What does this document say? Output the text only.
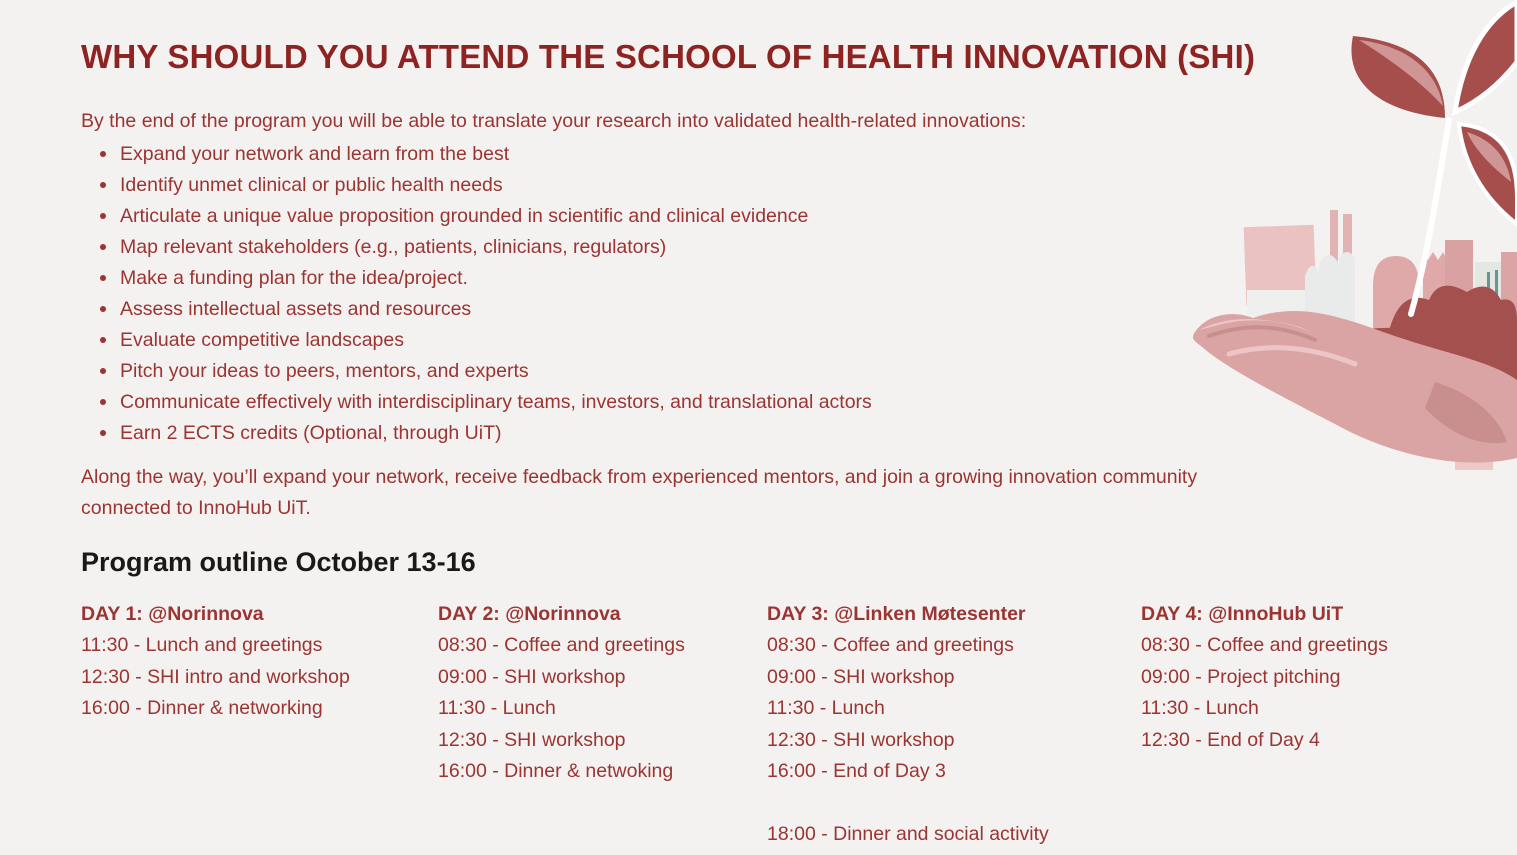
WHY SHOULD YOU ATTEND THE SCHOOL OF HEALTH INNOVATION (SHI)

By the end of the program you will be able to translate your research into validated health-related innovations:

Expand your network and learn from the best
Identify unmet clinical or public health needs
Articulate a unique value proposition grounded in scientific and clinical evidence
Map relevant stakeholders (e.g., patients, clinicians, regulators)
Make a funding plan for the idea/project.
Assess intellectual assets and resources
Evaluate competitive landscapes
Pitch your ideas to peers, mentors, and experts
Communicate effectively with interdisciplinary teams, investors, and translational actors
Earn 2 ECTS credits (Optional, through UiT)

Along the way, you’ll expand your network, receive feedback from experienced mentors, and join a growing innovation community connected to InnoHub UiT.

Program outline October 13-16
DAY 1: @Norinnova
11:30 - Lunch and greetings
12:30 - SHI intro and workshop
16:00 - Dinner & networking
DAY 2: @Norinnova
08:30 - Coffee and greetings
09:00 - SHI workshop
11:30 - Lunch
12:30 - SHI workshop
16:00 - Dinner & netwoking
DAY 3: @Linken Møtesenter
08:30 - Coffee and greetings
09:00 - SHI workshop
11:30 - Lunch
12:30 - SHI workshop
16:00 - End of Day 3
18:00 - Dinner and social activity
DAY 4: @InnoHub UiT
08:30 - Coffee and greetings
09:00 - Project pitching
11:30 - Lunch
12:30 - End of Day 4
